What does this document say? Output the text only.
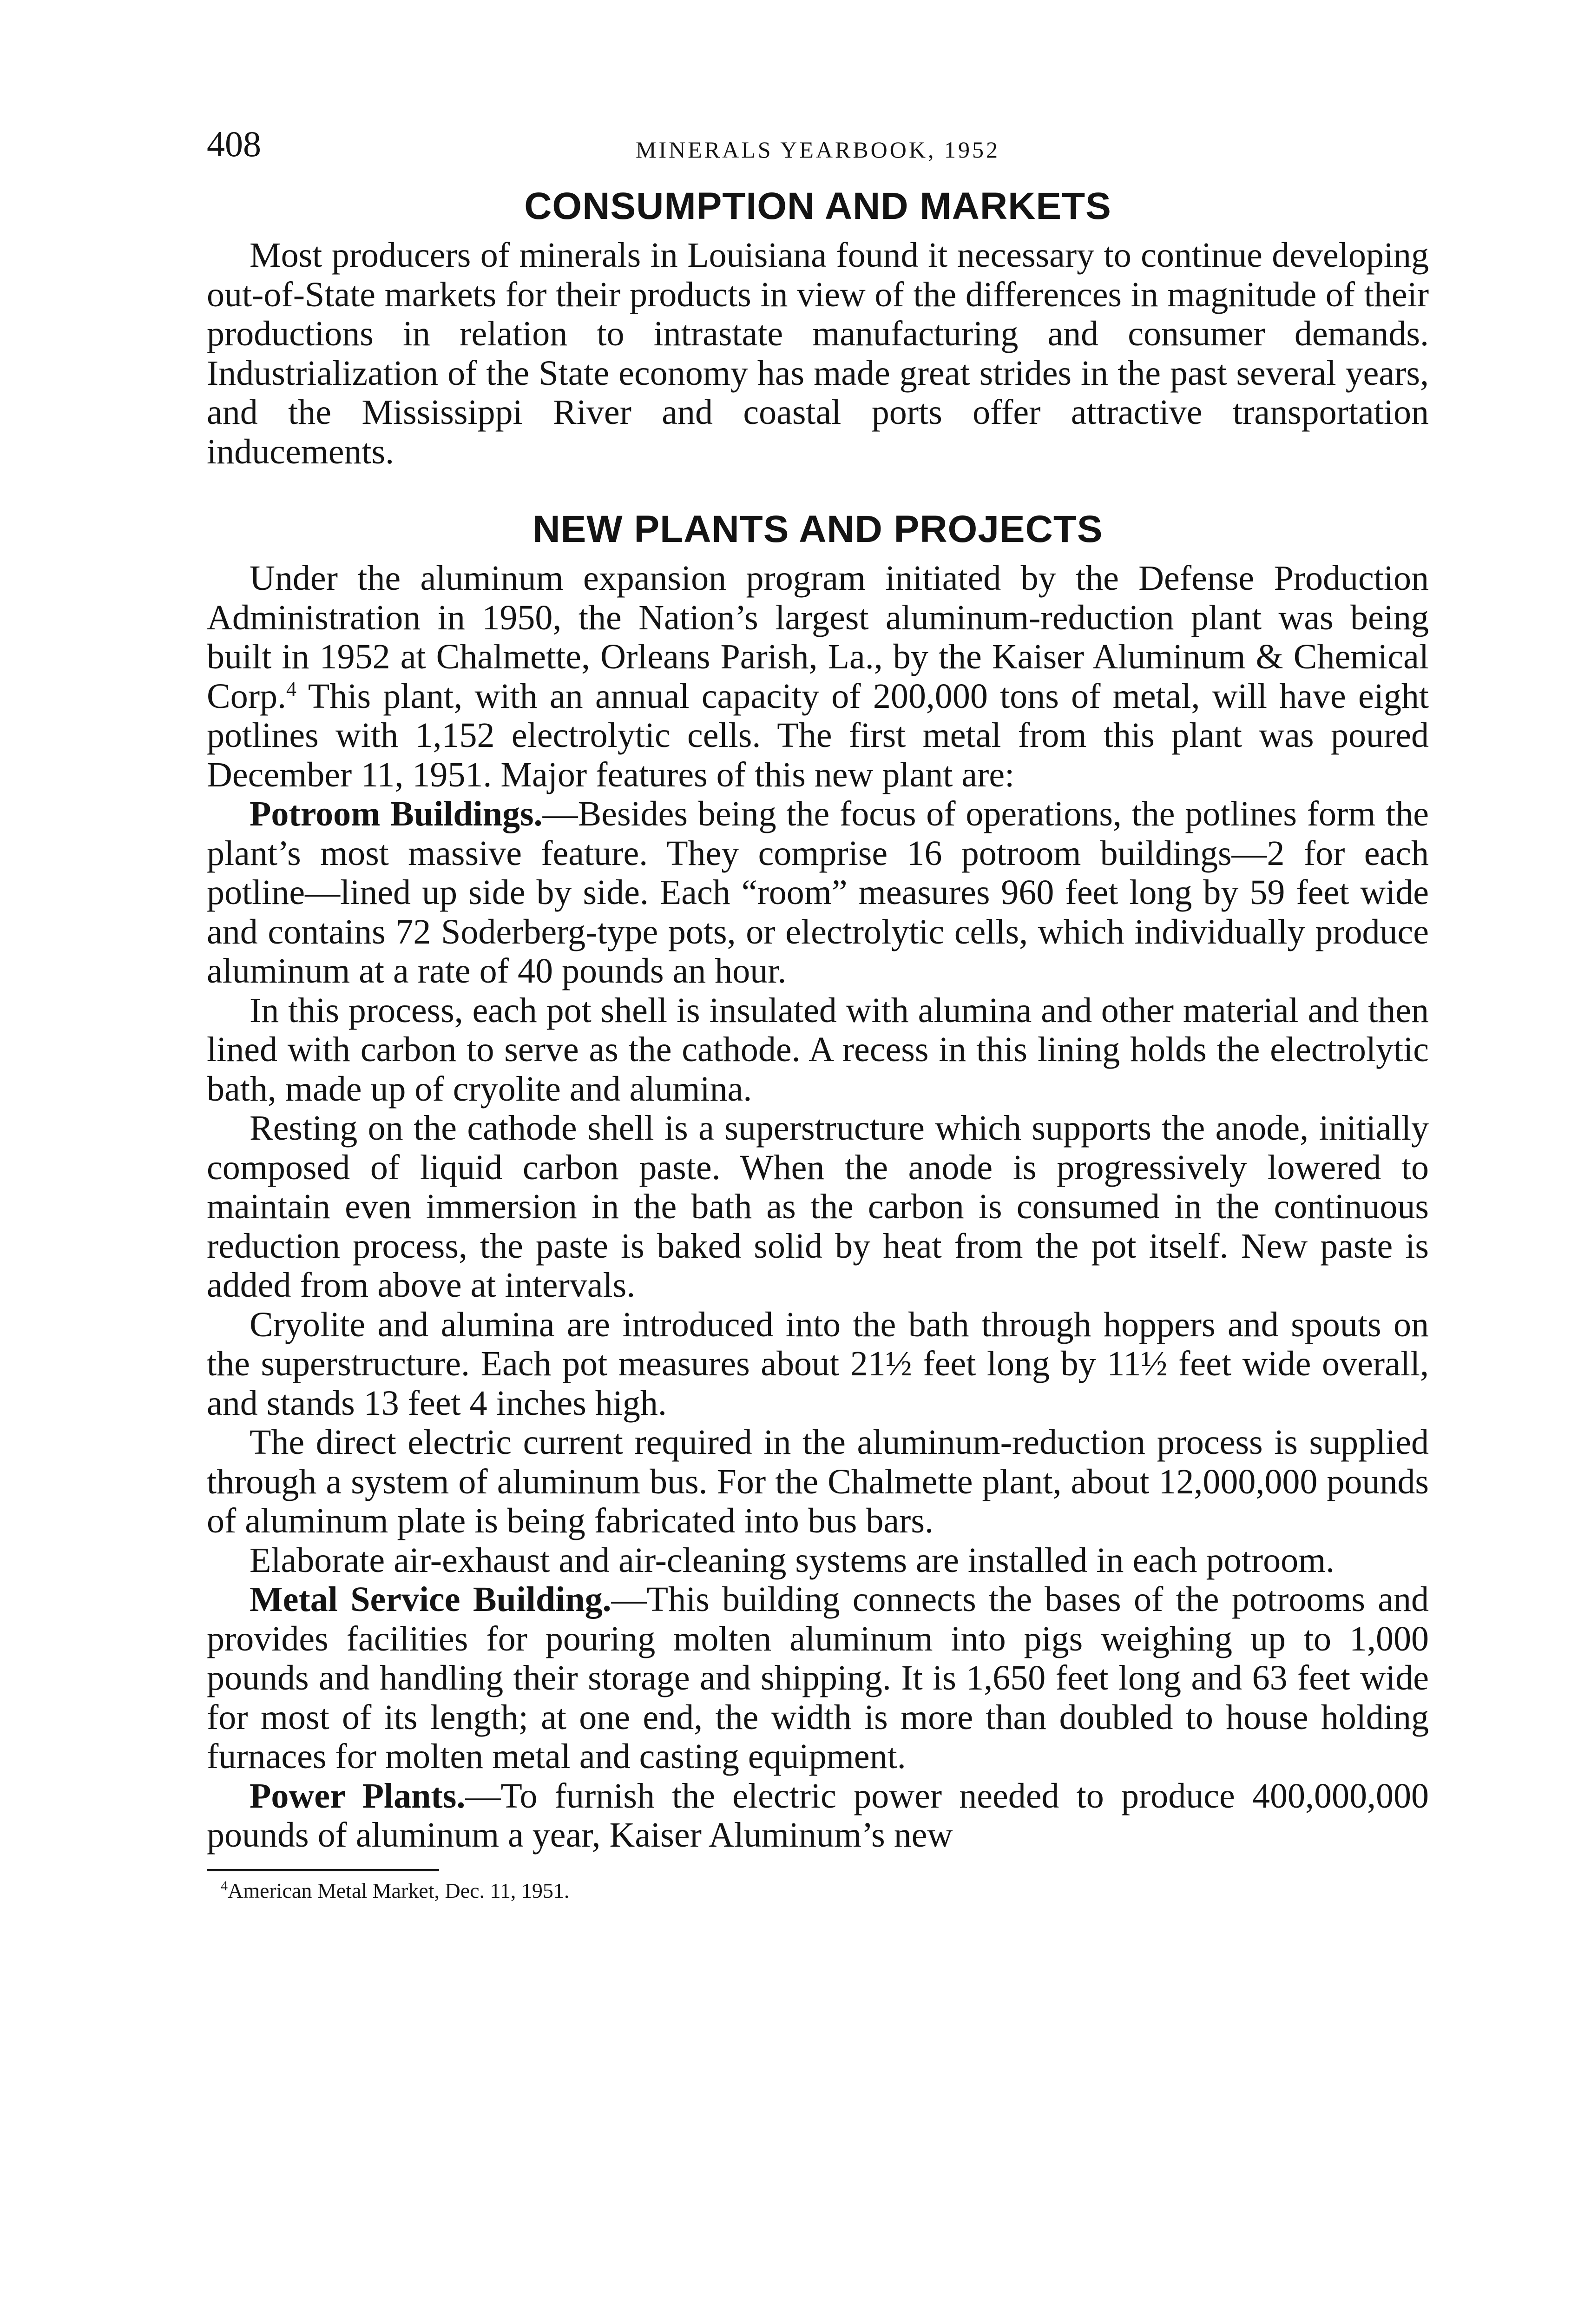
408	MINERALS YEARBOOK, 1952
CONSUMPTION AND MARKETS

Most producers of minerals in Louisiana found it necessary to continue developing out-of-State markets for their products in view of the differences in magnitude of their productions in relation to intrastate manufacturing and consumer demands. Industrialization of the State economy has made great strides in the past several years, and the Mississippi River and coastal ports offer attractive transportation inducements.

NEW PLANTS AND PROJECTS

Under the aluminum expansion program initiated by the Defense Production Administration in 1950, the Nation’s largest aluminum-reduction plant was being built in 1952 at Chalmette, Orleans Parish, La., by the Kaiser Aluminum & Chemical Corp.$^4$ This plant, with an annual capacity of 200,000 tons of metal, will have eight potlines with 1,152 electrolytic cells. The first metal from this plant was poured December 11, 1951. Major features of this new plant are:

Potroom Buildings.—Besides being the focus of operations, the potlines form the plant’s most massive feature. They comprise 16 potroom buildings—2 for each potline—lined up side by side. Each “room” measures 960 feet long by 59 feet wide and contains 72 Soderberg-type pots, or electrolytic cells, which individually produce aluminum at a rate of 40 pounds an hour.

In this process, each pot shell is insulated with alumina and other material and then lined with carbon to serve as the cathode. A recess in this lining holds the electrolytic bath, made up of cryolite and alumina.

Resting on the cathode shell is a superstructure which supports the anode, initially composed of liquid carbon paste. When the anode is progressively lowered to maintain even immersion in the bath as the carbon is consumed in the continuous reduction process, the paste is baked solid by heat from the pot itself. New paste is added from above at intervals.

Cryolite and alumina are introduced into the bath through hoppers and spouts on the superstructure. Each pot measures about 21½ feet long by 11½ feet wide overall, and stands 13 feet 4 inches high.

The direct electric current required in the aluminum-reduction process is supplied through a system of aluminum bus. For the Chalmette plant, about 12,000,000 pounds of aluminum plate is being fabricated into bus bars.

Elaborate air-exhaust and air-cleaning systems are installed in each potroom.

Metal Service Building.—This building connects the bases of the potrooms and provides facilities for pouring molten aluminum into pigs weighing up to 1,000 pounds and handling their storage and shipping. It is 1,650 feet long and 63 feet wide for most of its length; at one end, the width is more than doubled to house holding furnaces for molten metal and casting equipment.

Power Plants.—To furnish the electric power needed to produce 400,000,000 pounds of aluminum a year, Kaiser Aluminum’s new

$^4$American Metal Market, Dec. 11, 1951.
